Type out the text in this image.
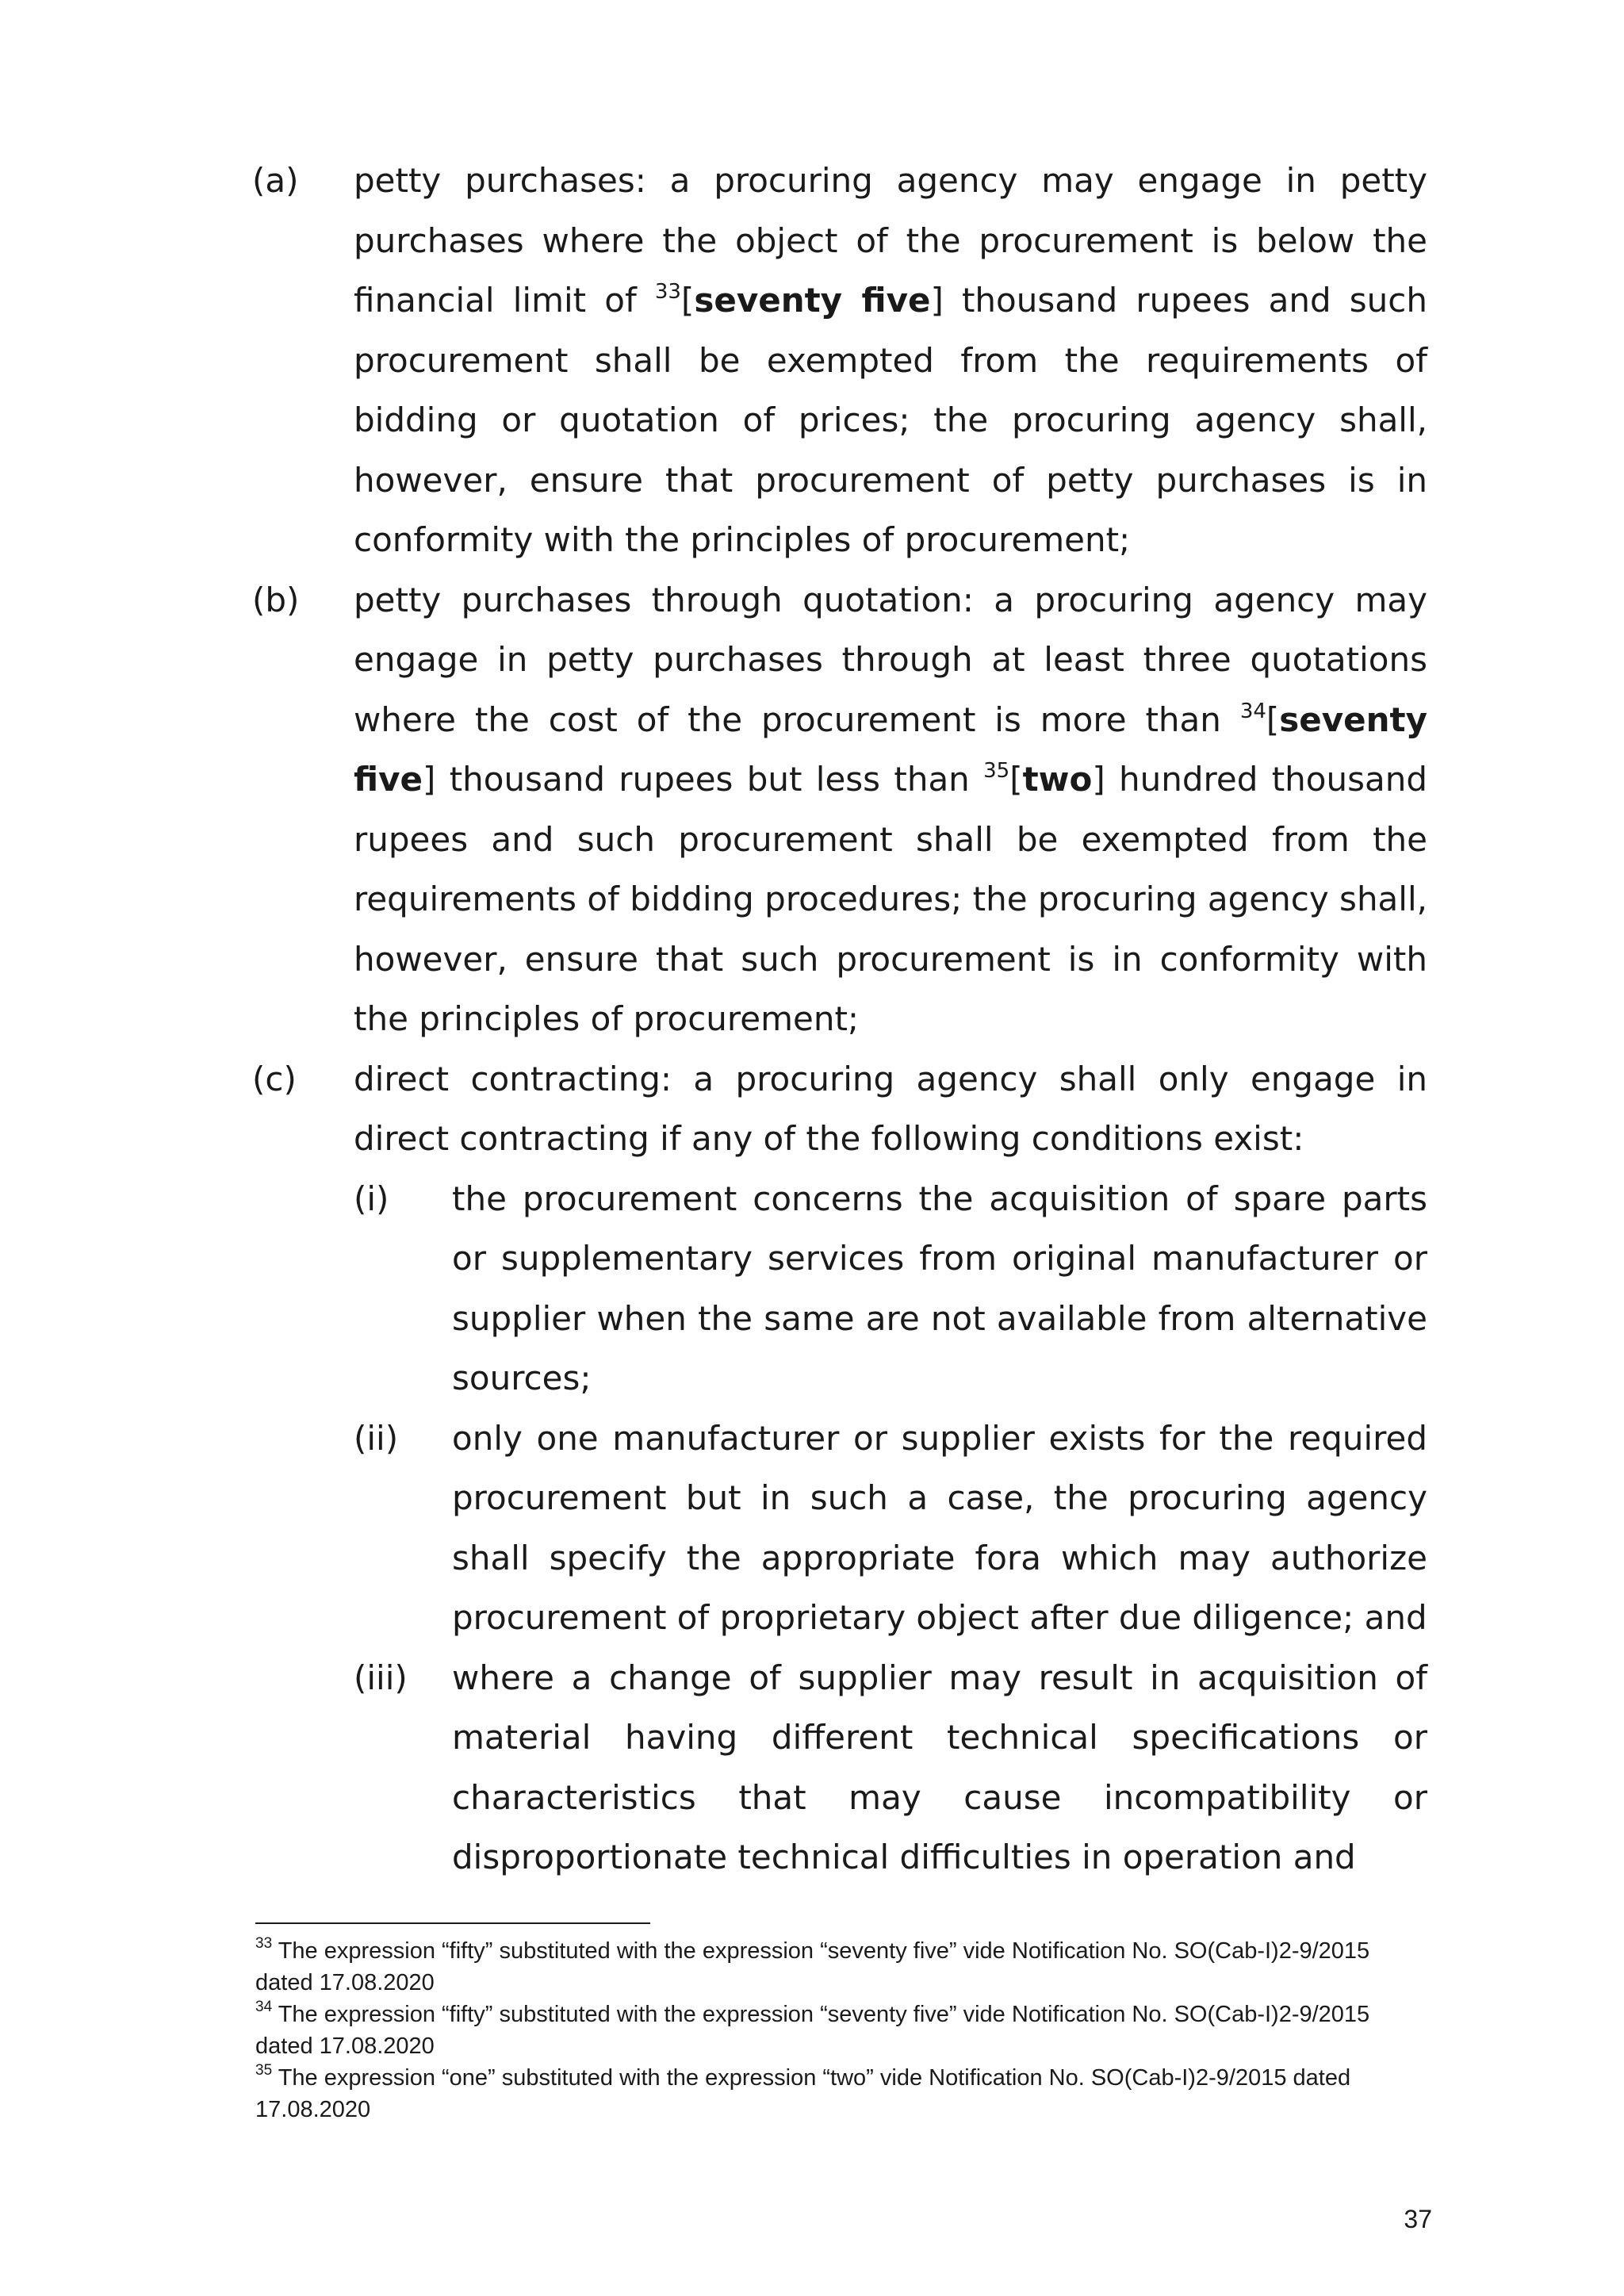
(a) petty purchases: a procuring agency may engage in petty purchases where the object of the procurement is below the financial limit of $^{33}$[seventy five] thousand rupees and such procurement shall be exempted from the requirements of bidding or quotation of prices; the procuring agency shall, however, ensure that procurement of petty purchases is in conformity with the principles of procurement;
(b) petty purchases through quotation: a procuring agency may engage in petty purchases through at least three quotations where the cost of the procurement is more than $^{34}$[seventy five] thousand rupees but less than $^{35}$[two] hundred thousand rupees and such procurement shall be exempted from the requirements of bidding procedures; the procuring agency shall, however, ensure that such procurement is in conformity with the principles of procurement;
(c) direct contracting: a procuring agency shall only engage in direct contracting if any of the following conditions exist:
(i) the procurement concerns the acquisition of spare parts or supplementary services from original manufacturer or supplier when the same are not available from alternative sources;
(ii) only one manufacturer or supplier exists for the required procurement but in such a case, the procuring agency shall specify the appropriate fora which may authorize procurement of proprietary object after due diligence; and
(iii) where a change of supplier may result in acquisition of material having different technical specifications or characteristics that may cause incompatibility or disproportionate technical difficulties in operation and
$^{33}$ The expression “fifty” substituted with the expression “seventy five” vide Notification No. SO(Cab-I)2-9/2015 dated 17.08.2020
$^{34}$ The expression “fifty” substituted with the expression “seventy five” vide Notification No. SO(Cab-I)2-9/2015 dated 17.08.2020
$^{35}$ The expression “one” substituted with the expression “two” vide Notification No. SO(Cab-I)2-9/2015 dated 17.08.2020
37
